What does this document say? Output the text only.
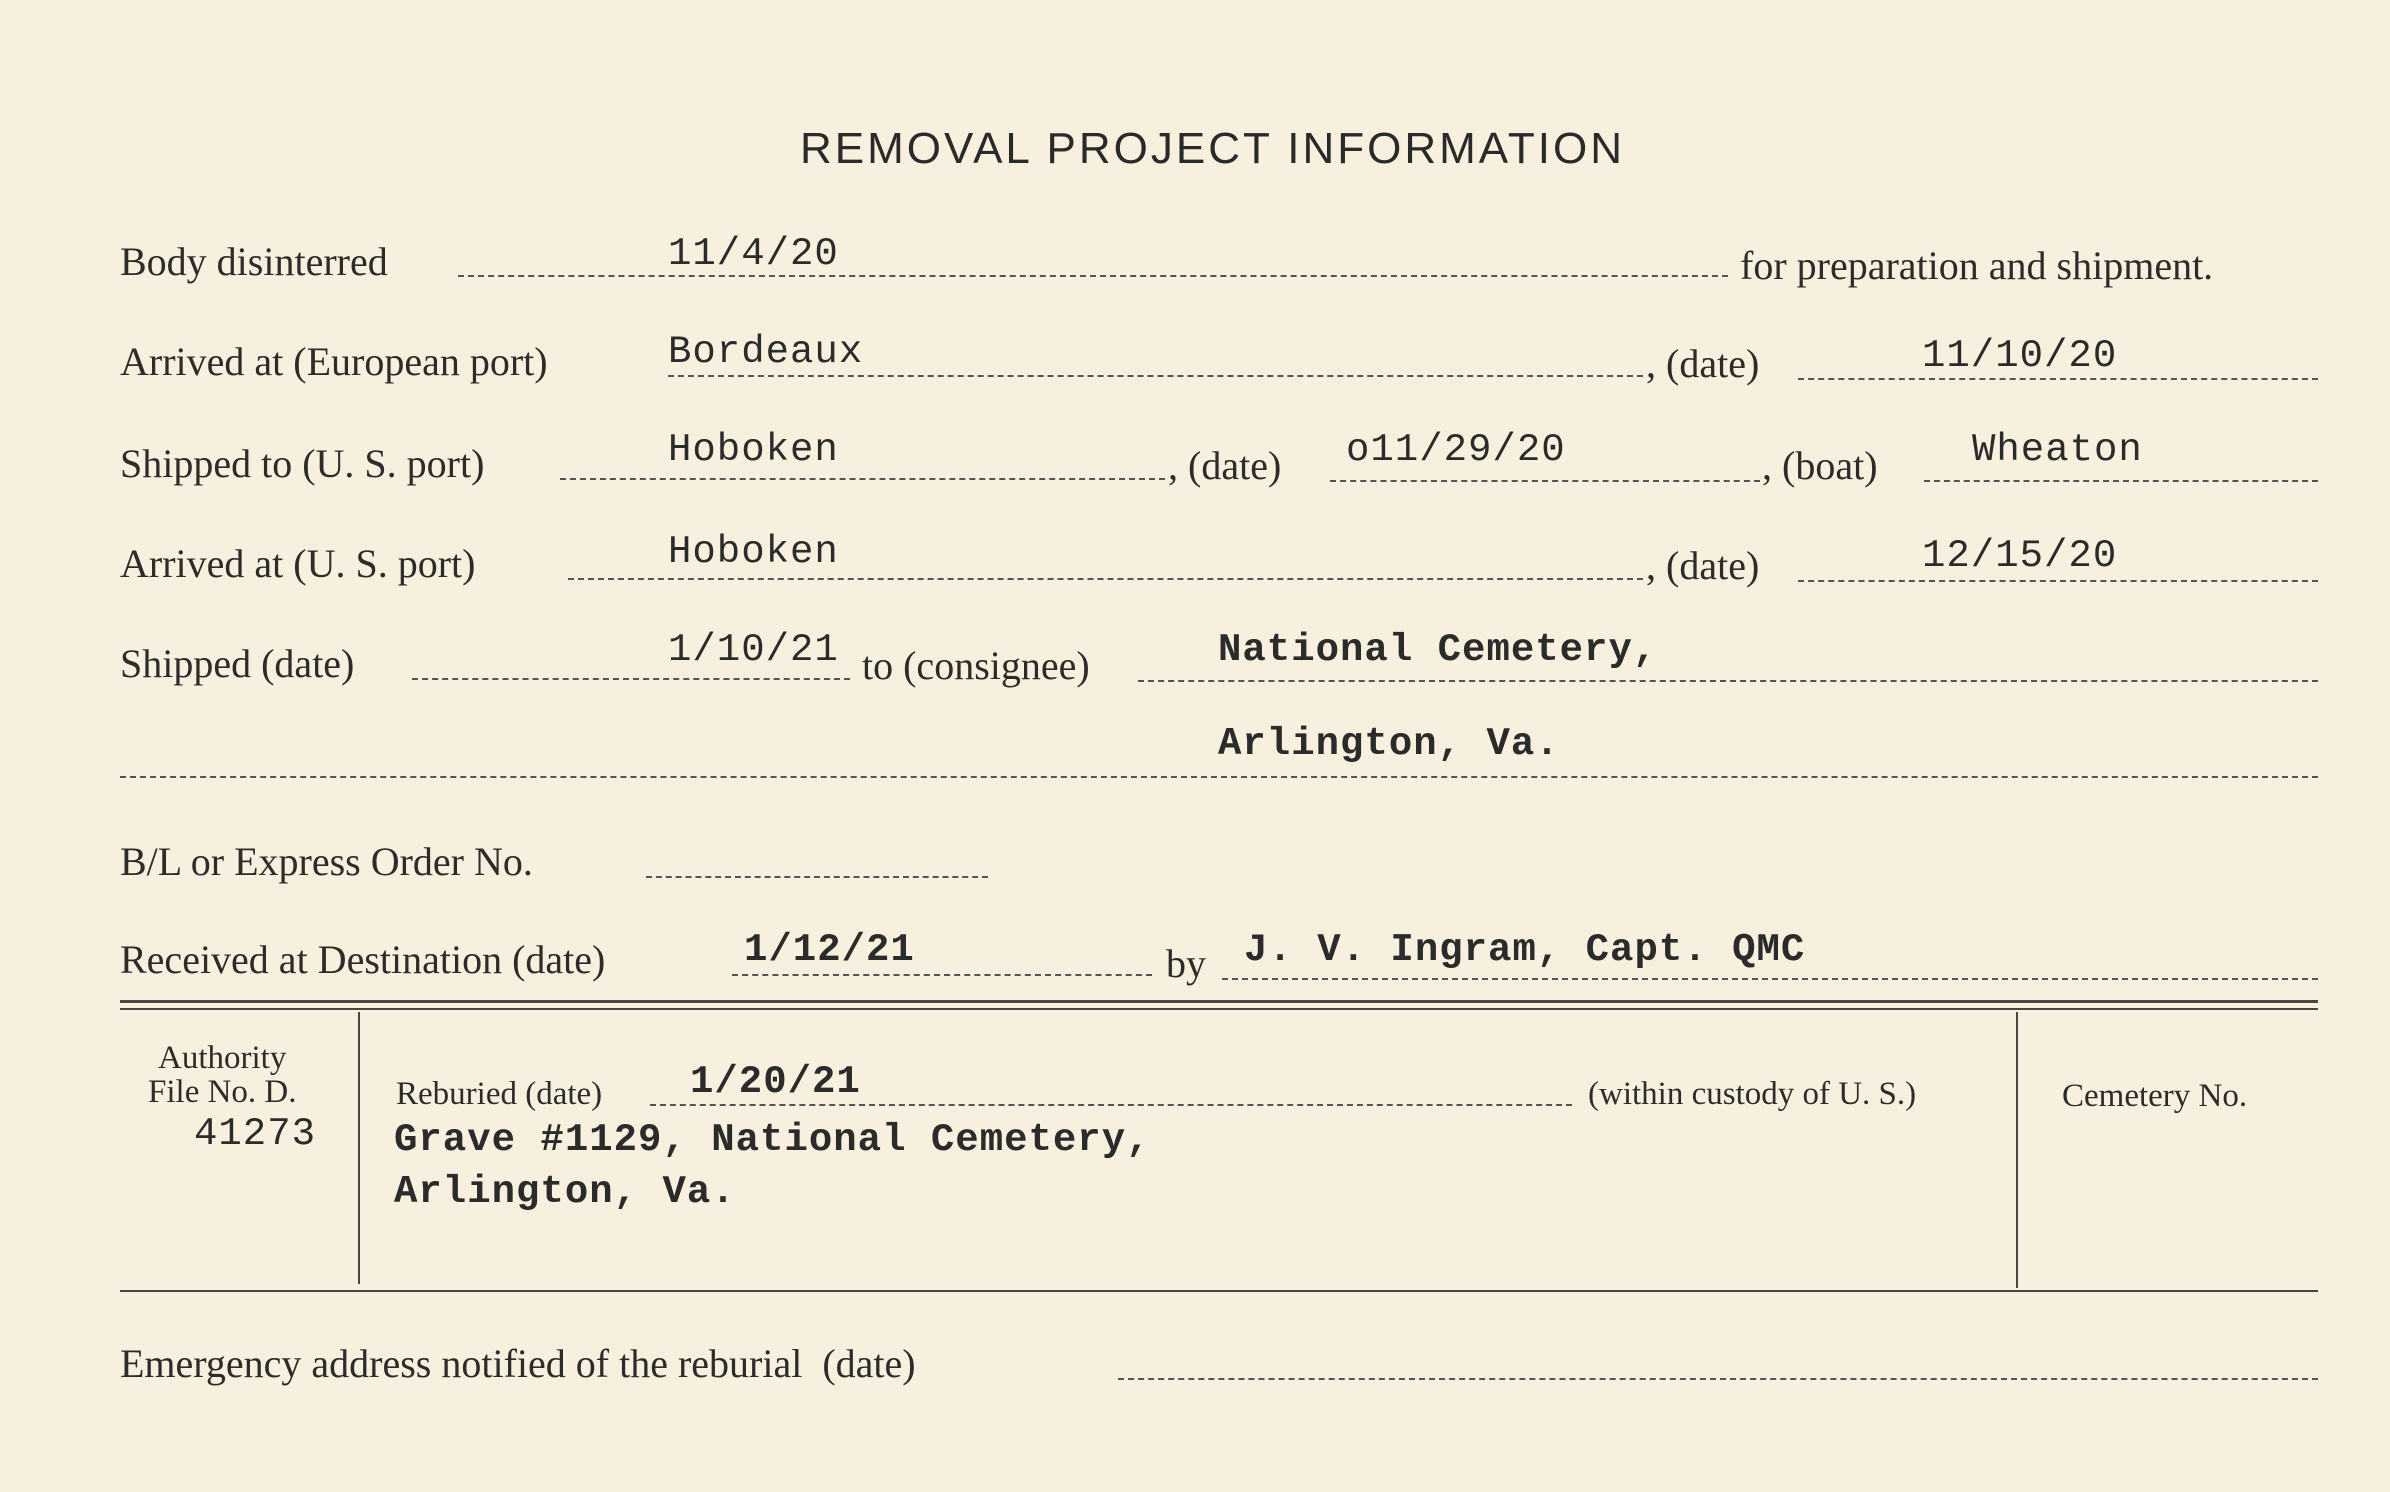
REMOVAL PROJECT INFORMATION
Body disinterred	11/4/20	for preparation and shipment.
Arrived at (European port)	Bordeaux	, (date)	11/10/20
Shipped to (U. S. port)	Hoboken	, (date) o11/29/20	, (boat) Wheaton
Arrived at (U. S. port)	Hoboken	, (date)	12/15/20
Shipped (date)	1/10/21 to (consignee)	National Cemetery,
Arlington, Va.
B/L or Express Order No.
Received at Destination (date)	1/12/21	by J. V. Ingram, Capt. QMC
Authority
File No. D.
41273
Reburied (date) 1/20/21	(within custody of U. S.)
Grave #1129, National Cemetery,
Arlington, Va.
Cemetery No.
Emergency address notified of the reburial  (date)
